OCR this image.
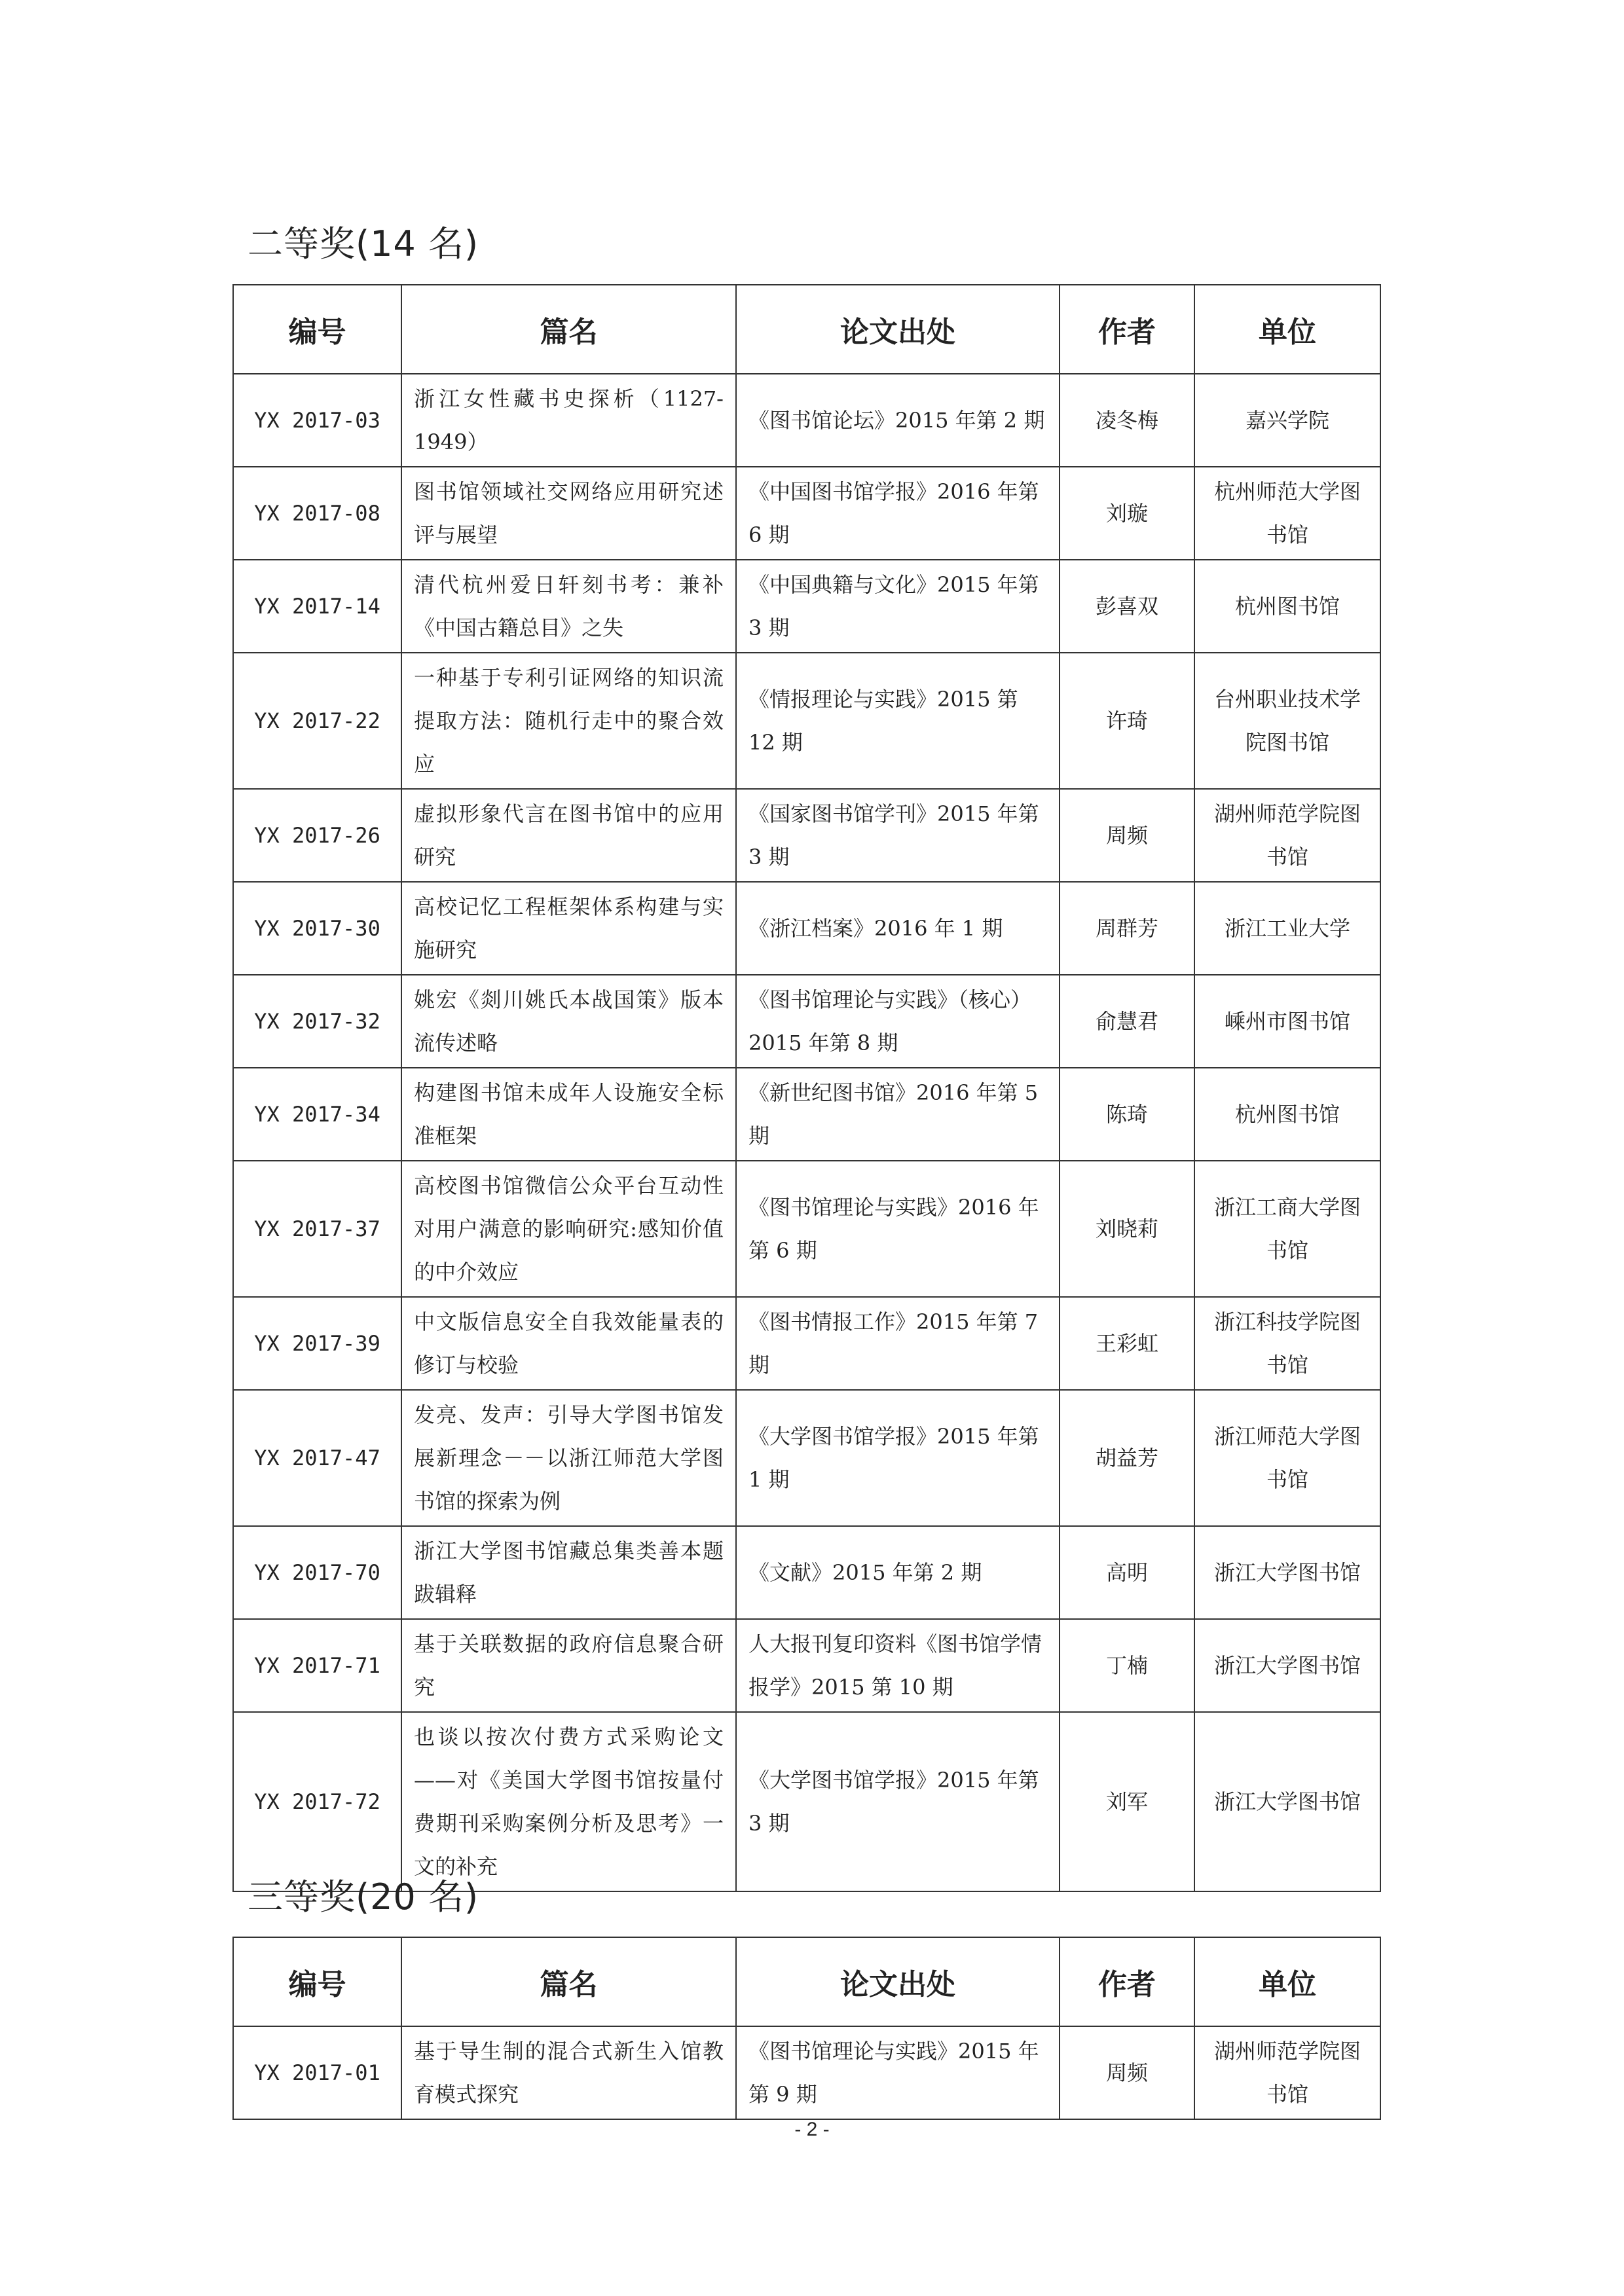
二等奖(14 名)
编号	篇名	论文出处	作者	单位
YX 2017-03	浙江女性藏书史探析（1127-1949）	《图书馆论坛》2015 年第 2 期	凌冬梅	嘉兴学院
YX 2017-08	图书馆领域社交网络应用研究述评与展望	《中国图书馆学报》2016 年第 6 期	刘璇	杭州师范大学图书馆
YX 2017-14	清代杭州爱日轩刻书考：兼补《中国古籍总目》之失	《中国典籍与文化》2015 年第 3 期	彭喜双	杭州图书馆
YX 2017-22	一种基于专利引证网络的知识流提取方法：随机行走中的聚合效应	《情报理论与实践》2015 第 12 期	许琦	台州职业技术学院图书馆
YX 2017-26	虚拟形象代言在图书馆中的应用研究	《国家图书馆学刊》2015 年第 3 期	周频	湖州师范学院图书馆
YX 2017-30	高校记忆工程框架体系构建与实施研究	《浙江档案》2016 年 1 期	周群芳	浙江工业大学
YX 2017-32	姚宏《剡川姚氏本战国策》版本流传述略	《图书馆理论与实践》（核心）2015 年第 8 期	俞慧君	嵊州市图书馆
YX 2017-34	构建图书馆未成年人设施安全标准框架	《新世纪图书馆》2016 年第 5 期	陈琦	杭州图书馆
YX 2017-37	高校图书馆微信公众平台互动性对用户满意的影响研究:感知价值的中介效应	《图书馆理论与实践》2016 年第 6 期	刘晓莉	浙江工商大学图书馆
YX 2017-39	中文版信息安全自我效能量表的修订与校验	《图书情报工作》2015 年第 7 期	王彩虹	浙江科技学院图书馆
YX 2017-47	发亮、发声：引导大学图书馆发展新理念－－以浙江师范大学图书馆的探索为例	《大学图书馆学报》2015 年第 1 期	胡益芳	浙江师范大学图书馆
YX 2017-70	浙江大学图书馆藏总集类善本题跋辑释	《文献》2015 年第 2 期	高明	浙江大学图书馆
YX 2017-71	基于关联数据的政府信息聚合研究	人大报刊复印资料《图书馆学情报学》2015 第 10 期	丁楠	浙江大学图书馆
YX 2017-72	也谈以按次付费方式采购论文——对《美国大学图书馆按量付费期刊采购案例分析及思考》一文的补充	《大学图书馆学报》2015 年第 3 期	刘军	浙江大学图书馆
三等奖(20 名)
编号	篇名	论文出处	作者	单位
YX 2017-01	基于导生制的混合式新生入馆教育模式探究	《图书馆理论与实践》2015 年第 9 期	周频	湖州师范学院图书馆
- 2 -
